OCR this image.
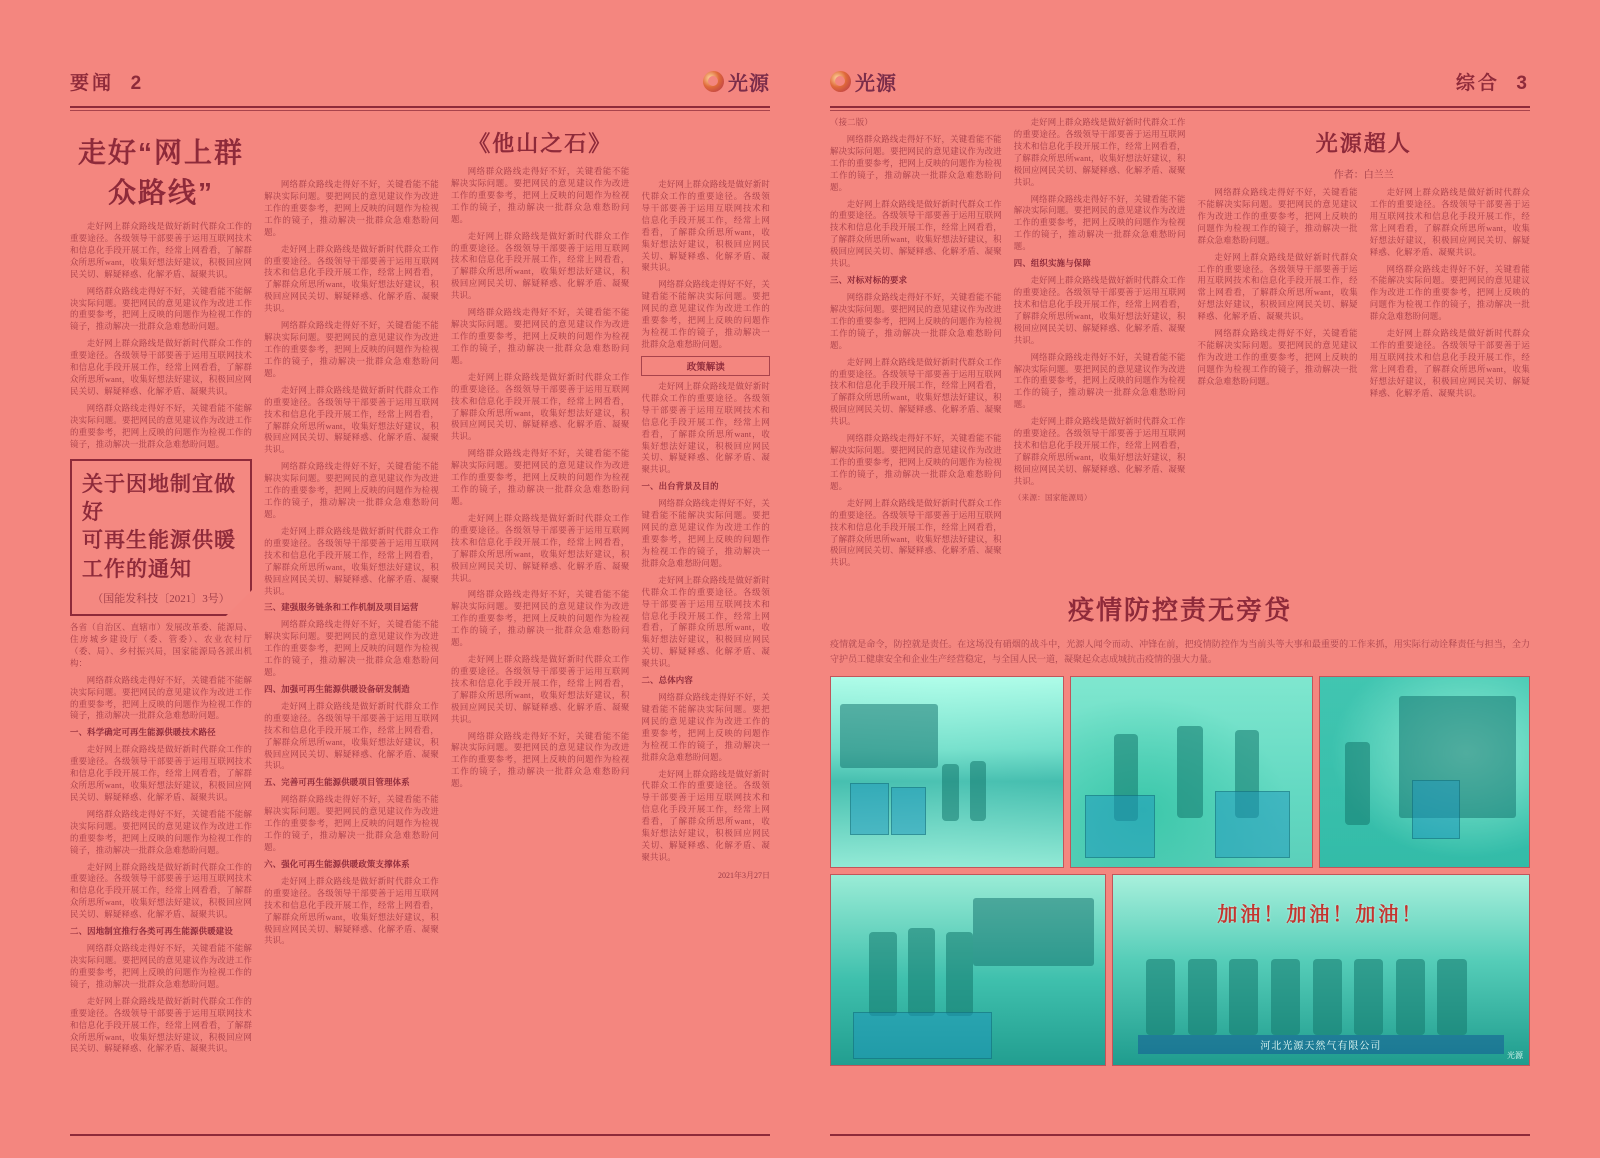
要闻 2	光源
走好“网上群众路线”

走好网上群众路线是做好新时代群众工作的重要途径。各级领导干部要善于运用互联网技术和信息化手段开展工作，经常上网看看，了解群众所思所want，收集好想法好建议，积极回应网民关切、解疑释惑、化解矛盾、凝聚共识。

网络群众路线走得好不好，关键看能不能解决实际问题。要把网民的意见建议作为改进工作的重要参考，把网上反映的问题作为检视工作的镜子，推动解决一批群众急难愁盼问题。

走好网上群众路线是做好新时代群众工作的重要途径。各级领导干部要善于运用互联网技术和信息化手段开展工作，经常上网看看，了解群众所思所want，收集好想法好建议，积极回应网民关切、解疑释惑、化解矛盾、凝聚共识。

网络群众路线走得好不好，关键看能不能解决实际问题。要把网民的意见建议作为改进工作的重要参考，把网上反映的问题作为检视工作的镜子，推动解决一批群众急难愁盼问题。

关于因地制宜做好
可再生能源供暖工作的通知
（国能发科技〔2021〕3号）

各省（自治区、直辖市）发展改革委、能源局、住房城乡建设厅（委、管委）、农业农村厅（委、局）、乡村振兴局，国家能源局各派出机构：

网络群众路线走得好不好，关键看能不能解决实际问题。要把网民的意见建议作为改进工作的重要参考，把网上反映的问题作为检视工作的镜子，推动解决一批群众急难愁盼问题。

一、科学确定可再生能源供暖技术路径

走好网上群众路线是做好新时代群众工作的重要途径。各级领导干部要善于运用互联网技术和信息化手段开展工作，经常上网看看，了解群众所思所want，收集好想法好建议，积极回应网民关切、解疑释惑、化解矛盾、凝聚共识。

网络群众路线走得好不好，关键看能不能解决实际问题。要把网民的意见建议作为改进工作的重要参考，把网上反映的问题作为检视工作的镜子，推动解决一批群众急难愁盼问题。

走好网上群众路线是做好新时代群众工作的重要途径。各级领导干部要善于运用互联网技术和信息化手段开展工作，经常上网看看，了解群众所思所want，收集好想法好建议，积极回应网民关切、解疑释惑、化解矛盾、凝聚共识。

二、因地制宜推行各类可再生能源供暖建设

网络群众路线走得好不好，关键看能不能解决实际问题。要把网民的意见建议作为改进工作的重要参考，把网上反映的问题作为检视工作的镜子，推动解决一批群众急难愁盼问题。

走好网上群众路线是做好新时代群众工作的重要途径。各级领导干部要善于运用互联网技术和信息化手段开展工作，经常上网看看，了解群众所思所want，收集好想法好建议，积极回应网民关切、解疑释惑、化解矛盾、凝聚共识。

网络群众路线走得好不好，关键看能不能解决实际问题。要把网民的意见建议作为改进工作的重要参考，把网上反映的问题作为检视工作的镜子，推动解决一批群众急难愁盼问题。

走好网上群众路线是做好新时代群众工作的重要途径。各级领导干部要善于运用互联网技术和信息化手段开展工作，经常上网看看，了解群众所思所want，收集好想法好建议，积极回应网民关切、解疑释惑、化解矛盾、凝聚共识。

网络群众路线走得好不好，关键看能不能解决实际问题。要把网民的意见建议作为改进工作的重要参考，把网上反映的问题作为检视工作的镜子，推动解决一批群众急难愁盼问题。

走好网上群众路线是做好新时代群众工作的重要途径。各级领导干部要善于运用互联网技术和信息化手段开展工作，经常上网看看，了解群众所思所want，收集好想法好建议，积极回应网民关切、解疑释惑、化解矛盾、凝聚共识。

网络群众路线走得好不好，关键看能不能解决实际问题。要把网民的意见建议作为改进工作的重要参考，把网上反映的问题作为检视工作的镜子，推动解决一批群众急难愁盼问题。

走好网上群众路线是做好新时代群众工作的重要途径。各级领导干部要善于运用互联网技术和信息化手段开展工作，经常上网看看，了解群众所思所want，收集好想法好建议，积极回应网民关切、解疑释惑、化解矛盾、凝聚共识。

三、建强服务链条和工作机制及项目运营

网络群众路线走得好不好，关键看能不能解决实际问题。要把网民的意见建议作为改进工作的重要参考，把网上反映的问题作为检视工作的镜子，推动解决一批群众急难愁盼问题。

四、加强可再生能源供暖设备研发制造

走好网上群众路线是做好新时代群众工作的重要途径。各级领导干部要善于运用互联网技术和信息化手段开展工作，经常上网看看，了解群众所思所want，收集好想法好建议，积极回应网民关切、解疑释惑、化解矛盾、凝聚共识。

五、完善可再生能源供暖项目管理体系

网络群众路线走得好不好，关键看能不能解决实际问题。要把网民的意见建议作为改进工作的重要参考，把网上反映的问题作为检视工作的镜子，推动解决一批群众急难愁盼问题。

六、强化可再生能源供暖政策支撑体系

走好网上群众路线是做好新时代群众工作的重要途径。各级领导干部要善于运用互联网技术和信息化手段开展工作，经常上网看看，了解群众所思所want，收集好想法好建议，积极回应网民关切、解疑释惑、化解矛盾、凝聚共识。

《他山之石》

网络群众路线走得好不好，关键看能不能解决实际问题。要把网民的意见建议作为改进工作的重要参考，把网上反映的问题作为检视工作的镜子，推动解决一批群众急难愁盼问题。

走好网上群众路线是做好新时代群众工作的重要途径。各级领导干部要善于运用互联网技术和信息化手段开展工作，经常上网看看，了解群众所思所want，收集好想法好建议，积极回应网民关切、解疑释惑、化解矛盾、凝聚共识。

网络群众路线走得好不好，关键看能不能解决实际问题。要把网民的意见建议作为改进工作的重要参考，把网上反映的问题作为检视工作的镜子，推动解决一批群众急难愁盼问题。

走好网上群众路线是做好新时代群众工作的重要途径。各级领导干部要善于运用互联网技术和信息化手段开展工作，经常上网看看，了解群众所思所want，收集好想法好建议，积极回应网民关切、解疑释惑、化解矛盾、凝聚共识。

网络群众路线走得好不好，关键看能不能解决实际问题。要把网民的意见建议作为改进工作的重要参考，把网上反映的问题作为检视工作的镜子，推动解决一批群众急难愁盼问题。

走好网上群众路线是做好新时代群众工作的重要途径。各级领导干部要善于运用互联网技术和信息化手段开展工作，经常上网看看，了解群众所思所want，收集好想法好建议，积极回应网民关切、解疑释惑、化解矛盾、凝聚共识。

网络群众路线走得好不好，关键看能不能解决实际问题。要把网民的意见建议作为改进工作的重要参考，把网上反映的问题作为检视工作的镜子，推动解决一批群众急难愁盼问题。

走好网上群众路线是做好新时代群众工作的重要途径。各级领导干部要善于运用互联网技术和信息化手段开展工作，经常上网看看，了解群众所思所want，收集好想法好建议，积极回应网民关切、解疑释惑、化解矛盾、凝聚共识。

网络群众路线走得好不好，关键看能不能解决实际问题。要把网民的意见建议作为改进工作的重要参考，把网上反映的问题作为检视工作的镜子，推动解决一批群众急难愁盼问题。

走好网上群众路线是做好新时代群众工作的重要途径。各级领导干部要善于运用互联网技术和信息化手段开展工作，经常上网看看，了解群众所思所want，收集好想法好建议，积极回应网民关切、解疑释惑、化解矛盾、凝聚共识。

网络群众路线走得好不好，关键看能不能解决实际问题。要把网民的意见建议作为改进工作的重要参考，把网上反映的问题作为检视工作的镜子，推动解决一批群众急难愁盼问题。

政策解读

走好网上群众路线是做好新时代群众工作的重要途径。各级领导干部要善于运用互联网技术和信息化手段开展工作，经常上网看看，了解群众所思所want，收集好想法好建议，积极回应网民关切、解疑释惑、化解矛盾、凝聚共识。

一、出台背景及目的

网络群众路线走得好不好，关键看能不能解决实际问题。要把网民的意见建议作为改进工作的重要参考，把网上反映的问题作为检视工作的镜子，推动解决一批群众急难愁盼问题。

走好网上群众路线是做好新时代群众工作的重要途径。各级领导干部要善于运用互联网技术和信息化手段开展工作，经常上网看看，了解群众所思所want，收集好想法好建议，积极回应网民关切、解疑释惑、化解矛盾、凝聚共识。

二、总体内容

网络群众路线走得好不好，关键看能不能解决实际问题。要把网民的意见建议作为改进工作的重要参考，把网上反映的问题作为检视工作的镜子，推动解决一批群众急难愁盼问题。

走好网上群众路线是做好新时代群众工作的重要途径。各级领导干部要善于运用互联网技术和信息化手段开展工作，经常上网看看，了解群众所思所want，收集好想法好建议，积极回应网民关切、解疑释惑、化解矛盾、凝聚共识。

2021年3月27日
光源	综合 3

（接二版）

网络群众路线走得好不好，关键看能不能解决实际问题。要把网民的意见建议作为改进工作的重要参考，把网上反映的问题作为检视工作的镜子，推动解决一批群众急难愁盼问题。

走好网上群众路线是做好新时代群众工作的重要途径。各级领导干部要善于运用互联网技术和信息化手段开展工作，经常上网看看，了解群众所思所want，收集好想法好建议，积极回应网民关切、解疑释惑、化解矛盾、凝聚共识。

三、对标对标的要求

网络群众路线走得好不好，关键看能不能解决实际问题。要把网民的意见建议作为改进工作的重要参考，把网上反映的问题作为检视工作的镜子，推动解决一批群众急难愁盼问题。

走好网上群众路线是做好新时代群众工作的重要途径。各级领导干部要善于运用互联网技术和信息化手段开展工作，经常上网看看，了解群众所思所want，收集好想法好建议，积极回应网民关切、解疑释惑、化解矛盾、凝聚共识。

网络群众路线走得好不好，关键看能不能解决实际问题。要把网民的意见建议作为改进工作的重要参考，把网上反映的问题作为检视工作的镜子，推动解决一批群众急难愁盼问题。

走好网上群众路线是做好新时代群众工作的重要途径。各级领导干部要善于运用互联网技术和信息化手段开展工作，经常上网看看，了解群众所思所want，收集好想法好建议，积极回应网民关切、解疑释惑、化解矛盾、凝聚共识。

走好网上群众路线是做好新时代群众工作的重要途径。各级领导干部要善于运用互联网技术和信息化手段开展工作，经常上网看看，了解群众所思所want，收集好想法好建议，积极回应网民关切、解疑释惑、化解矛盾、凝聚共识。

网络群众路线走得好不好，关键看能不能解决实际问题。要把网民的意见建议作为改进工作的重要参考，把网上反映的问题作为检视工作的镜子，推动解决一批群众急难愁盼问题。

四、组织实施与保障

走好网上群众路线是做好新时代群众工作的重要途径。各级领导干部要善于运用互联网技术和信息化手段开展工作，经常上网看看，了解群众所思所want，收集好想法好建议，积极回应网民关切、解疑释惑、化解矛盾、凝聚共识。

网络群众路线走得好不好，关键看能不能解决实际问题。要把网民的意见建议作为改进工作的重要参考，把网上反映的问题作为检视工作的镜子，推动解决一批群众急难愁盼问题。

走好网上群众路线是做好新时代群众工作的重要途径。各级领导干部要善于运用互联网技术和信息化手段开展工作，经常上网看看，了解群众所思所want，收集好想法好建议，积极回应网民关切、解疑释惑、化解矛盾、凝聚共识。

（来源：国家能源局）

光源超人
作者：白兰兰

网络群众路线走得好不好，关键看能不能解决实际问题。要把网民的意见建议作为改进工作的重要参考，把网上反映的问题作为检视工作的镜子，推动解决一批群众急难愁盼问题。

走好网上群众路线是做好新时代群众工作的重要途径。各级领导干部要善于运用互联网技术和信息化手段开展工作，经常上网看看，了解群众所思所want，收集好想法好建议，积极回应网民关切、解疑释惑、化解矛盾、凝聚共识。

网络群众路线走得好不好，关键看能不能解决实际问题。要把网民的意见建议作为改进工作的重要参考，把网上反映的问题作为检视工作的镜子，推动解决一批群众急难愁盼问题。

走好网上群众路线是做好新时代群众工作的重要途径。各级领导干部要善于运用互联网技术和信息化手段开展工作，经常上网看看，了解群众所思所want，收集好想法好建议，积极回应网民关切、解疑释惑、化解矛盾、凝聚共识。

网络群众路线走得好不好，关键看能不能解决实际问题。要把网民的意见建议作为改进工作的重要参考，把网上反映的问题作为检视工作的镜子，推动解决一批群众急难愁盼问题。

走好网上群众路线是做好新时代群众工作的重要途径。各级领导干部要善于运用互联网技术和信息化手段开展工作，经常上网看看，了解群众所思所want，收集好想法好建议，积极回应网民关切、解疑释惑、化解矛盾、凝聚共识。

疫情防控责无旁贷
疫情就是命令，防控就是责任。在这场没有硝烟的战斗中，光源人闻令而动、冲锋在前，把疫情防控作为当前头等大事和最重要的工作来抓，用实际行动诠释责任与担当，全力守护员工健康安全和企业生产经营稳定，与全国人民一道，凝聚起众志成城抗击疫情的强大力量。
加油！加油！加油！
河北光源天然气有限公司
光源
